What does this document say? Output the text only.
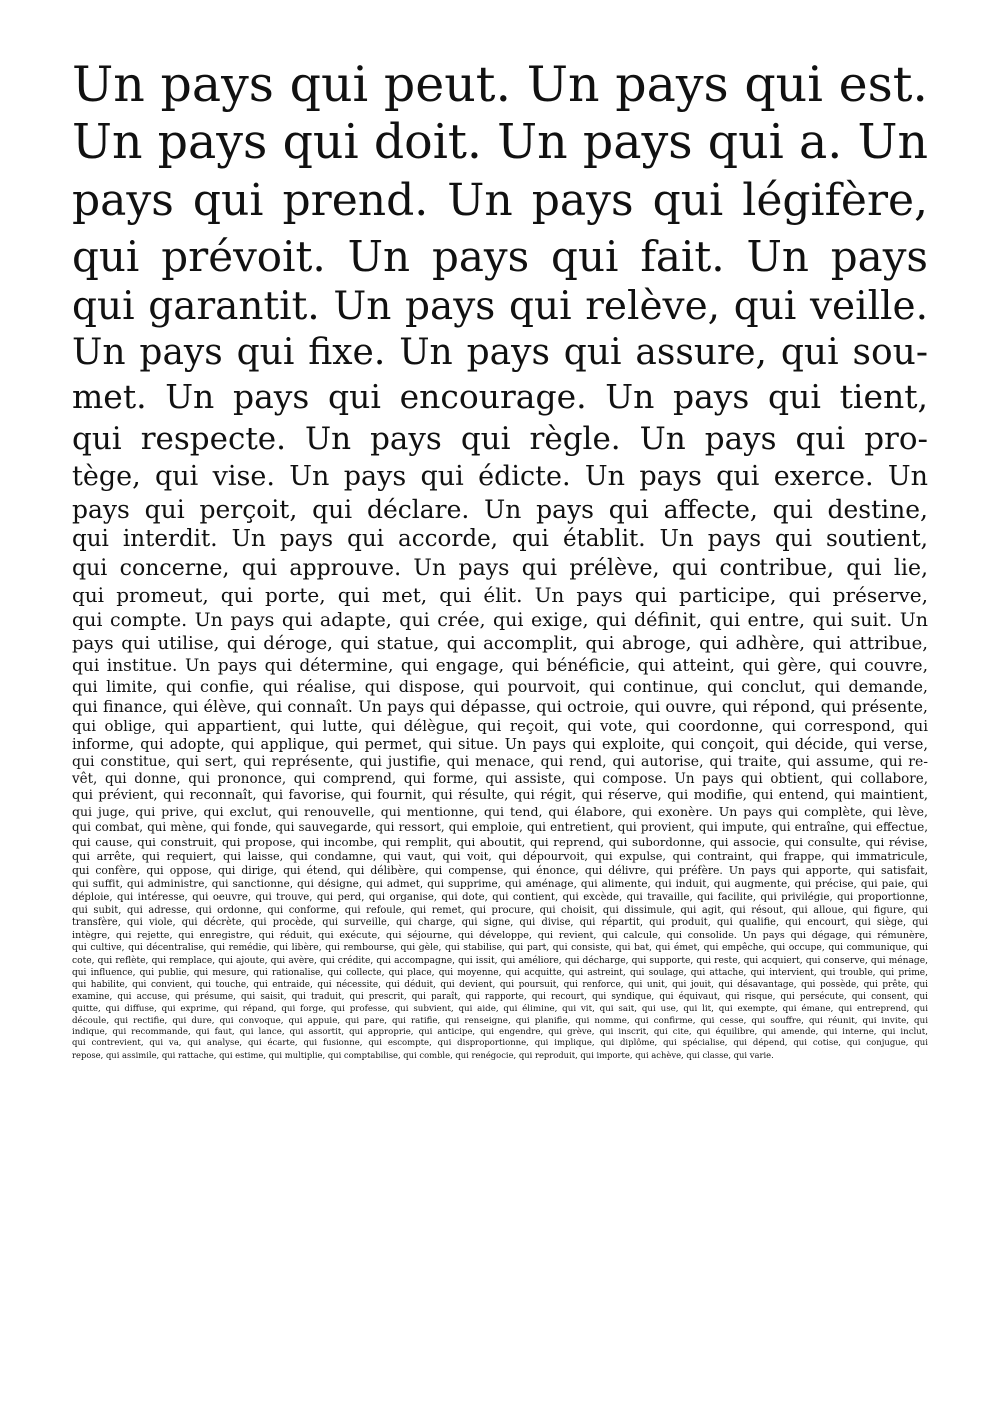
Un pays qui peut. Un pays qui est.

Un pays qui doit. Un pays qui a. Un

pays qui prend. Un pays qui légifère,

qui prévoit. Un pays qui fait. Un pays

qui garantit. Un pays qui relève, qui veille.

Un pays qui fixe. Un pays qui assure, qui sou-

met. Un pays qui encourage. Un pays qui tient,

qui respecte. Un pays qui règle. Un pays qui pro-

tège, qui vise. Un pays qui édicte. Un pays qui exerce. Un

pays qui perçoit, qui déclare. Un pays qui affecte, qui destine,

qui interdit. Un pays qui accorde, qui établit. Un pays qui soutient,

qui concerne, qui approuve. Un pays qui prélève, qui contribue, qui lie,

qui promeut, qui porte, qui met, qui élit. Un pays qui participe, qui préserve,

qui compte. Un pays qui adapte, qui crée, qui exige, qui définit, qui entre, qui suit. Un

pays qui utilise, qui déroge, qui statue, qui accomplit, qui abroge, qui adhère, qui attribue,

qui institue. Un pays qui détermine, qui engage, qui bénéficie, qui atteint, qui gère, qui couvre,

qui limite, qui confie, qui réalise, qui dispose, qui pourvoit, qui continue, qui conclut, qui demande,

qui finance, qui élève, qui connaît. Un pays qui dépasse, qui octroie, qui ouvre, qui répond, qui présente,

qui oblige, qui appartient, qui lutte, qui délègue, qui reçoit, qui vote, qui coordonne, qui correspond, qui

informe, qui adopte, qui applique, qui permet, qui situe. Un pays qui exploite, qui conçoit, qui décide, qui verse,

qui constitue, qui sert, qui représente, qui justifie, qui menace, qui rend, qui autorise, qui traite, qui assume, qui re-

vêt, qui donne, qui prononce, qui comprend, qui forme, qui assiste, qui compose. Un pays qui obtient, qui collabore,

qui prévient, qui reconnaît, qui favorise, qui fournit, qui résulte, qui régit, qui réserve, qui modifie, qui entend, qui maintient,

qui juge, qui prive, qui exclut, qui renouvelle, qui mentionne, qui tend, qui élabore, qui exonère. Un pays qui complète, qui lève,

qui combat, qui mène, qui fonde, qui sauvegarde, qui ressort, qui emploie, qui entretient, qui provient, qui impute, qui entraîne, qui effectue,

qui cause, qui construit, qui propose, qui incombe, qui remplit, qui aboutit, qui reprend, qui subordonne, qui associe, qui consulte, qui révise,

qui arrête, qui requiert, qui laisse, qui condamne, qui vaut, qui voit, qui dépourvoit, qui expulse, qui contraint, qui frappe, qui immatricule,

qui confère, qui oppose, qui dirige, qui étend, qui délibère, qui compense, qui énonce, qui délivre, qui préfère. Un pays qui apporte, qui satisfait,

qui suffit, qui administre, qui sanctionne, qui désigne, qui admet, qui supprime, qui aménage, qui alimente, qui induit, qui augmente, qui précise, qui paie, qui

déploie, qui intéresse, qui oeuvre, qui trouve, qui perd, qui organise, qui dote, qui contient, qui excède, qui travaille, qui facilite, qui privilégie, qui proportionne,

qui subit, qui adresse, qui ordonne, qui conforme, qui refoule, qui remet, qui procure, qui choisit, qui dissimule, qui agit, qui résout, qui alloue, qui figure, qui

transfère, qui viole, qui décrète, qui procède, qui surveille, qui charge, qui signe, qui divise, qui répartit, qui produit, qui qualifie, qui encourt, qui siège, qui

intègre, qui rejette, qui enregistre, qui réduit, qui exécute, qui séjourne, qui développe, qui revient, qui calcule, qui consolide. Un pays qui dégage, qui rémunère,

qui cultive, qui décentralise, qui remédie, qui libère, qui rembourse, qui gèle, qui stabilise, qui part, qui consiste, qui bat, qui émet, qui empêche, qui occupe, qui communique, qui

cote, qui reflète, qui remplace, qui ajoute, qui avère, qui crédite, qui accompagne, qui issit, qui améliore, qui décharge, qui supporte, qui reste, qui acquiert, qui conserve, qui ménage,

qui influence, qui publie, qui mesure, qui rationalise, qui collecte, qui place, qui moyenne, qui acquitte, qui astreint, qui soulage, qui attache, qui intervient, qui trouble, qui prime,

qui habilite, qui convient, qui touche, qui entraide, qui nécessite, qui déduit, qui devient, qui poursuit, qui renforce, qui unit, qui jouit, qui désavantage, qui possède, qui prête, qui

examine, qui accuse, qui présume, qui saisit, qui traduit, qui prescrit, qui paraît, qui rapporte, qui recourt, qui syndique, qui équivaut, qui risque, qui persécute, qui consent, qui

quitte, qui diffuse, qui exprime, qui répand, qui forge, qui professe, qui subvient, qui aide, qui élimine, qui vit, qui sait, qui use, qui lit, qui exempte, qui émane, qui entreprend, qui

découle, qui rectifie, qui dure, qui convoque, qui appuie, qui pare, qui ratifie, qui renseigne, qui planifie, qui nomme, qui confirme, qui cesse, qui souffre, qui réunit, qui invite, qui

indique, qui recommande, qui faut, qui lance, qui assortit, qui approprie, qui anticipe, qui engendre, qui grève, qui inscrit, qui cite, qui équilibre, qui amende, qui interne, qui inclut,

qui contrevient, qui va, qui analyse, qui écarte, qui fusionne, qui escompte, qui disproportionne, qui implique, qui diplôme, qui spécialise, qui dépend, qui cotise, qui conjugue, qui

repose, qui assimile, qui rattache, qui estime, qui multiplie, qui comptabilise, qui comble, qui renégocie, qui reproduit, qui importe, qui achève, qui classe, qui varie.
